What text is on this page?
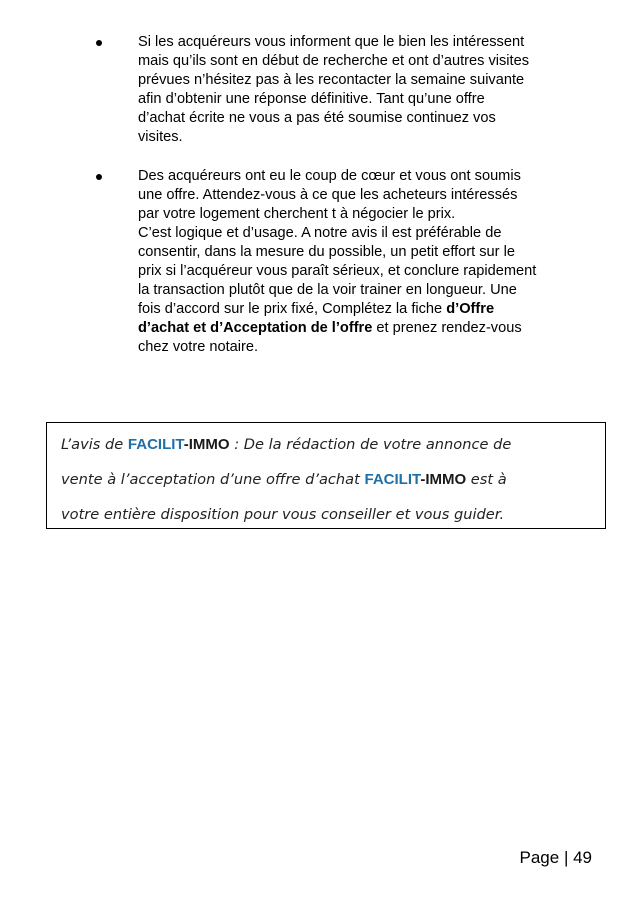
Si les acquéreurs vous informent que le bien les intéressent
mais qu’ils sont en début de recherche et ont d’autres visites
prévues n’hésitez pas à les recontacter la semaine suivante
afin d’obtenir une réponse définitive. Tant qu’une offre
d’achat écrite ne vous a pas été soumise continuez vos
visites.
Des acquéreurs ont eu le coup de cœur et vous ont soumis
une offre. Attendez-vous à ce que les acheteurs intéressés
par votre logement cherchent t à négocier le prix.
C’est logique et d’usage. A notre avis il est préférable de
consentir, dans la mesure du possible, un petit effort sur le
prix si l’acquéreur vous paraît sérieux, et conclure rapidement
la transaction plutôt que de la voir trainer en longueur. Une
fois d’accord sur le prix fixé, Complétez la fiche d’Offre
d’achat et d’Acceptation de l’offre et prenez rendez-vous
chez votre notaire.
L’avis de FACILIT-IMMO : De la rédaction de votre annonce de
vente à l’acceptation d’une offre d’achat FACILIT-IMMO est à
votre entière disposition pour vous conseiller et vous guider.
Page | 49
